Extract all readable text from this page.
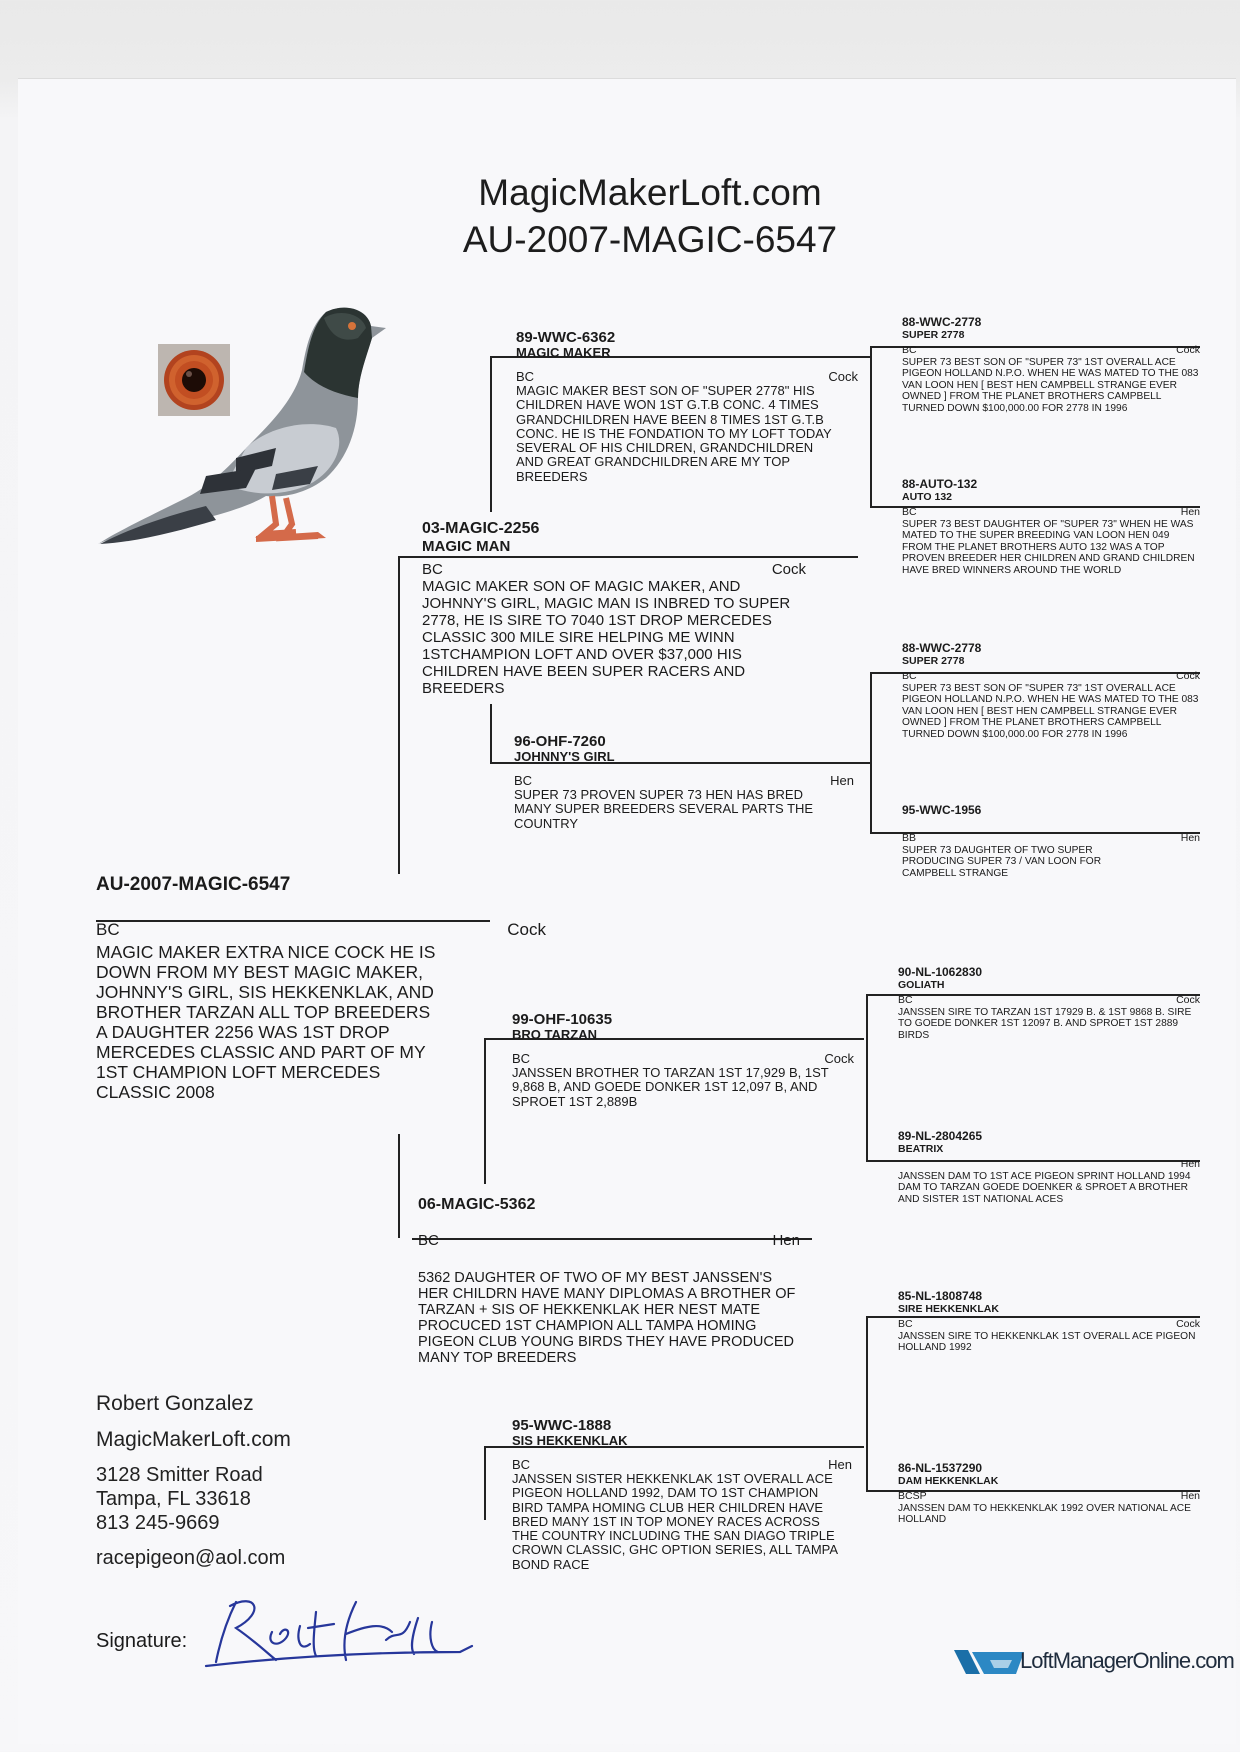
MagicMakerLoft.com
AU-2007-MAGIC-6547
AU-2007-MAGIC-6547
BC	Cock
MAGIC MAKER EXTRA NICE COCK HE IS DOWN FROM MY BEST MAGIC MAKER, JOHNNY'S GIRL, SIS HEKKENKLAK, AND BROTHER TARZAN ALL TOP BREEDERS A DAUGHTER 2256 WAS 1ST DROP MERCEDES CLASSIC AND PART OF MY 1ST CHAMPION LOFT MERCEDES CLASSIC 2008
03-MAGIC-2256
MAGIC MAN
BC	Cock
MAGIC MAKER SON OF MAGIC MAKER, AND JOHNNY'S GIRL, MAGIC MAN IS INBRED TO SUPER 2778, HE IS SIRE TO 7040 1ST DROP MERCEDES CLASSIC 300 MILE SIRE HELPING ME WINN 1STCHAMPION LOFT AND OVER $37,000 HIS CHILDREN HAVE BEEN SUPER RACERS AND BREEDERS
06-MAGIC-5362
BC	Hen
5362 DAUGHTER OF TWO OF MY BEST JANSSEN'S HER CHILDRN HAVE MANY DIPLOMAS A BROTHER OF TARZAN + SIS OF HEKKENKLAK HER NEST MATE PROCUCED 1ST CHAMPION ALL TAMPA HOMING PIGEON CLUB YOUNG BIRDS THEY HAVE PRODUCED MANY TOP BREEDERS
89-WWC-6362
MAGIC MAKER
BC	Cock
MAGIC MAKER BEST SON OF "SUPER 2778" HIS CHILDREN HAVE WON 1ST G.T.B CONC. 4 TIMES GRANDCHILDREN HAVE BEEN 8 TIMES 1ST G.T.B CONC. HE IS THE FONDATION TO MY LOFT TODAY SEVERAL OF HIS CHILDREN, GRANDCHILDREN AND GREAT GRANDCHILDREN ARE MY TOP BREEDERS
96-OHF-7260
JOHNNY'S GIRL
BC	Hen
SUPER 73 PROVEN SUPER 73 HEN HAS BRED MANY SUPER BREEDERS SEVERAL PARTS THE COUNTRY
99-OHF-10635
BRO TARZAN
BC	Cock
JANSSEN BROTHER TO TARZAN 1ST 17,929 B, 1ST 9,868 B, AND GOEDE DONKER 1ST 12,097 B, AND SPROET 1ST 2,889B
95-WWC-1888
SIS HEKKENKLAK
BC	Hen
JANSSEN SISTER HEKKENKLAK 1ST OVERALL ACE PIGEON HOLLAND 1992, DAM TO 1ST CHAMPION BIRD TAMPA HOMING CLUB HER CHILDREN HAVE BRED MANY 1ST IN TOP MONEY RACES ACROSS THE COUNTRY INCLUDING THE SAN DIAGO TRIPLE CROWN CLASSIC, GHC OPTION SERIES, ALL TAMPA BOND RACE
88-WWC-2778
SUPER 2778
BC	Cock
SUPER 73 BEST SON OF "SUPER 73" 1ST OVERALL ACE PIGEON HOLLAND N.P.O. WHEN HE WAS MATED TO THE 083 VAN LOON HEN [ BEST HEN CAMPBELL STRANGE EVER OWNED ] FROM THE PLANET BROTHERS CAMPBELL TURNED DOWN $100,000.00 FOR 2778 IN 1996
88-AUTO-132
AUTO 132
BC	Hen
SUPER 73 BEST DAUGHTER OF "SUPER 73" WHEN HE WAS MATED TO THE SUPER BREEDING VAN LOON HEN 049 FROM THE PLANET BROTHERS AUTO 132 WAS A TOP PROVEN BREEDER HER CHILDREN AND GRAND CHILDREN HAVE BRED WINNERS AROUND THE WORLD
88-WWC-2778
SUPER 2778
BC	Cock
SUPER 73 BEST SON OF "SUPER 73" 1ST OVERALL ACE PIGEON HOLLAND N.P.O. WHEN HE WAS MATED TO THE 083 VAN LOON HEN [ BEST HEN CAMPBELL STRANGE EVER OWNED ] FROM THE PLANET BROTHERS CAMPBELL TURNED DOWN $100,000.00 FOR 2778 IN 1996
95-WWC-1956
BB	Hen
SUPER 73 DAUGHTER OF TWO SUPER PRODUCING SUPER 73 / VAN LOON FOR CAMPBELL STRANGE
90-NL-1062830
GOLIATH
BC	Cock
JANSSEN SIRE TO TARZAN 1ST 17929 B. & 1ST 9868 B. SIRE TO GOEDE DONKER 1ST 12097 B. AND SPROET 1ST 2889 BIRDS
89-NL-2804265
BEATRIX
Hen
JANSSEN DAM TO 1ST ACE PIGEON SPRINT HOLLAND 1994 DAM TO TARZAN GOEDE DOENKER & SPROET A BROTHER AND SISTER 1ST NATIONAL ACES
85-NL-1808748
SIRE HEKKENKLAK
BC	Cock
JANSSEN SIRE TO HEKKENKLAK 1ST OVERALL ACE PIGEON HOLLAND 1992
86-NL-1537290
DAM HEKKENKLAK
BCSP	Hen
JANSSEN DAM TO HEKKENKLAK 1992 OVER NATIONAL ACE HOLLAND
Robert Gonzalez
MagicMakerLoft.com
3128 Smitter Road
Tampa, FL 33618
813 245-9669
racepigeon@aol.com
Signature:
LoftManagerOnline.com
